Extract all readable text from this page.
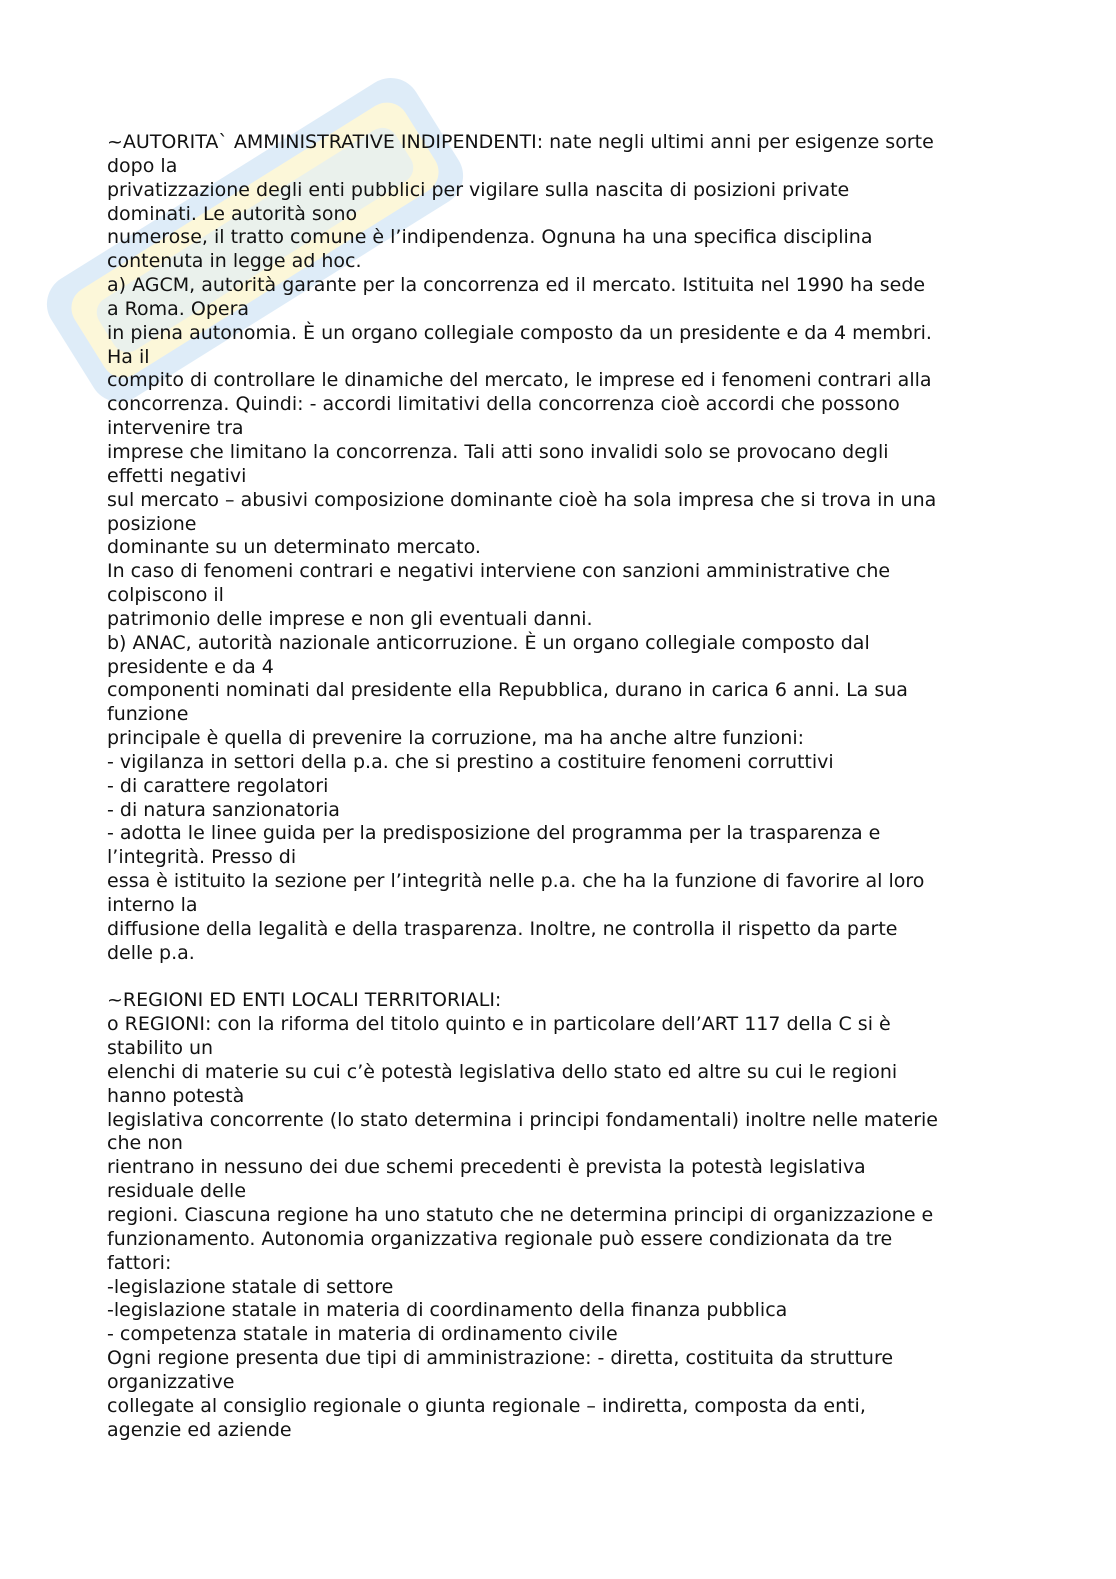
~AUTORITA` AMMINISTRATIVE INDIPENDENTI: nate negli ultimi anni per esigenze sorte
dopo la
privatizzazione degli enti pubblici per vigilare sulla nascita di posizioni private
dominati. Le autorità sono
numerose, il tratto comune è l’indipendenza. Ognuna ha una specifica disciplina
contenuta in legge ad hoc.
a) AGCM, autorità garante per la concorrenza ed il mercato. Istituita nel 1990 ha sede
a Roma. Opera
in piena autonomia. È un organo collegiale composto da un presidente e da 4 membri.
Ha il
compito di controllare le dinamiche del mercato, le imprese ed i fenomeni contrari alla
concorrenza. Quindi: - accordi limitativi della concorrenza cioè accordi che possono
intervenire tra
imprese che limitano la concorrenza. Tali atti sono invalidi solo se provocano degli
effetti negativi
sul mercato – abusivi composizione dominante cioè ha sola impresa che si trova in una
posizione
dominante su un determinato mercato.
In caso di fenomeni contrari e negativi interviene con sanzioni amministrative che
colpiscono il
patrimonio delle imprese e non gli eventuali danni.
b) ANAC, autorità nazionale anticorruzione. È un organo collegiale composto dal
presidente e da 4
componenti nominati dal presidente ella Repubblica, durano in carica 6 anni. La sua
funzione
principale è quella di prevenire la corruzione, ma ha anche altre funzioni:
- vigilanza in settori della p.a. che si prestino a costituire fenomeni corruttivi
- di carattere regolatori
- di natura sanzionatoria
- adotta le linee guida per la predisposizione del programma per la trasparenza e
l’integrità. Presso di
essa è istituito la sezione per l’integrità nelle p.a. che ha la funzione di favorire al loro
interno la
diffusione della legalità e della trasparenza. Inoltre, ne controlla il rispetto da parte
delle p.a.
~REGIONI ED ENTI LOCALI TERRITORIALI:
o REGIONI: con la riforma del titolo quinto e in particolare dell’ART 117 della C si è
stabilito un
elenchi di materie su cui c’è potestà legislativa dello stato ed altre su cui le regioni
hanno potestà
legislativa concorrente (lo stato determina i principi fondamentali) inoltre nelle materie
che non
rientrano in nessuno dei due schemi precedenti è prevista la potestà legislativa
residuale delle
regioni. Ciascuna regione ha uno statuto che ne determina principi di organizzazione e
funzionamento. Autonomia organizzativa regionale può essere condizionata da tre
fattori:
-legislazione statale di settore
-legislazione statale in materia di coordinamento della finanza pubblica
- competenza statale in materia di ordinamento civile
Ogni regione presenta due tipi di amministrazione: - diretta, costituita da strutture
organizzative
collegate al consiglio regionale o giunta regionale – indiretta, composta da enti,
agenzie ed aziende
